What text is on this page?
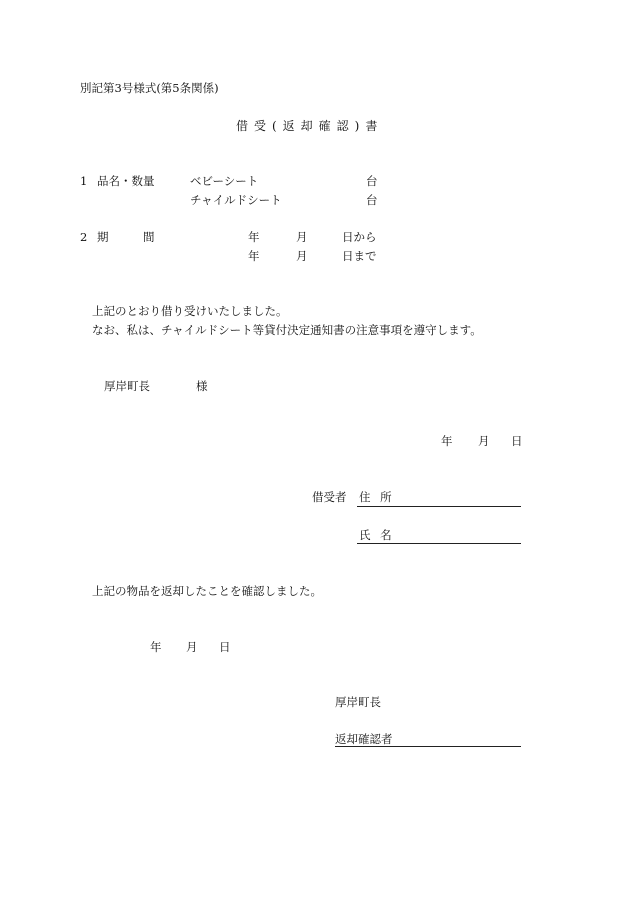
別記第3号様式(第5条関係)
借受(返却確認)書
1 品名・数量	ベビーシート	台
チャイルドシート	台
2 期	間	年	月	日から
年	月	日まで
上記のとおり借り受けいたしました。
なお、私は、チャイルドシート等貸付決定通知書の注意事項を遵守します。
厚岸町長	様
年 月 日
借受者 住 所
氏 名
上記の物品を返却したことを確認しました。
年 月 日
厚岸町長
返却確認者
